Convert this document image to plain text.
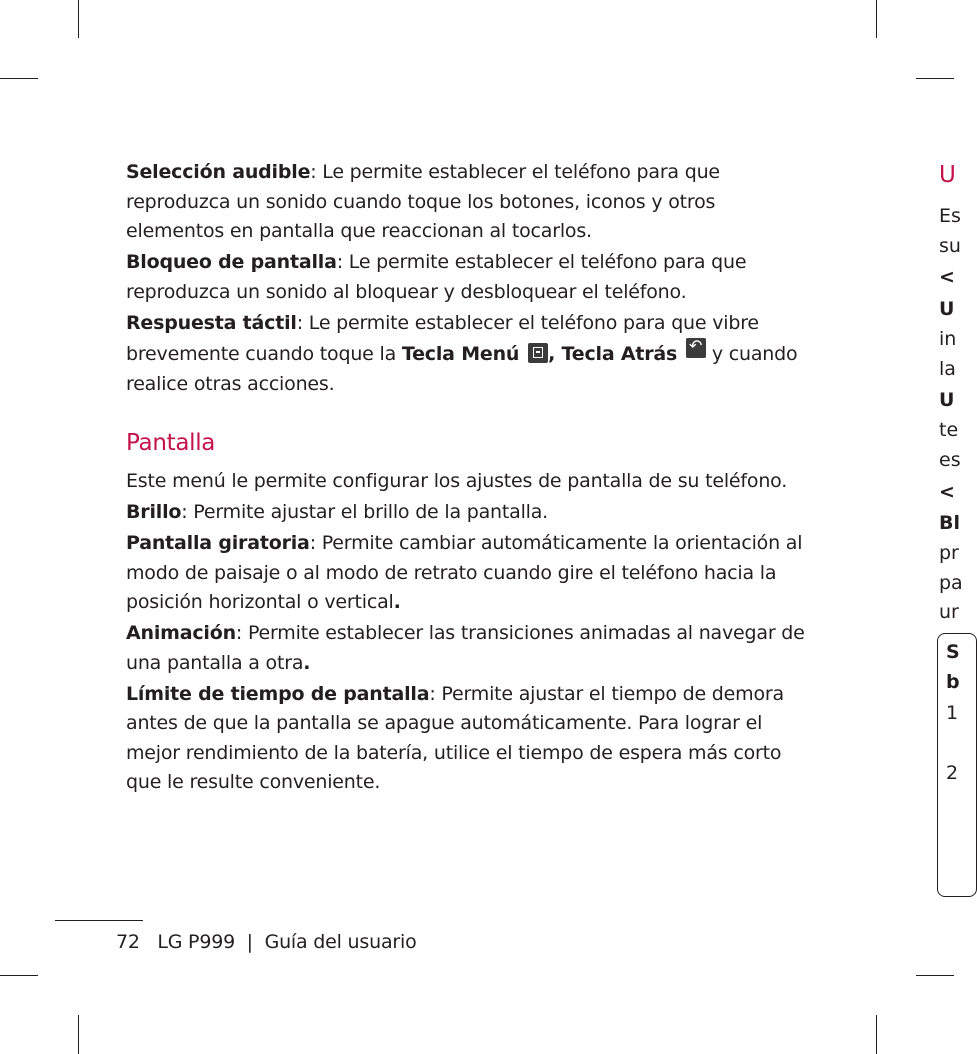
Selección audible: Le permite establecer el teléfono para que reproduzca un sonido cuando toque los botones, iconos y otros elementos en pantalla que reaccionan al tocarlos.

Bloqueo de pantalla: Le permite establecer el teléfono para que reproduzca un sonido al bloquear y desbloquear el teléfono.

Respuesta táctil: Le permite establecer el teléfono para que vibre brevemente cuando toque la Tecla Menú , Tecla Atrás ↶ y cuando realice otras acciones.

Pantalla

Este menú le permite configurar los ajustes de pantalla de su teléfono.

Brillo: Permite ajustar el brillo de la pantalla.

Pantalla giratoria: Permite cambiar automáticamente la orientación al modo de paisaje o al modo de retrato cuando gire el teléfono hacia la posición horizontal o vertical.

Animación: Permite establecer las transiciones animadas al navegar de una pantalla a otra.

Límite de tiempo de pantalla: Permite ajustar el tiempo de demora antes de que la pantalla se apague automáticamente. Para lograr el mejor rendimiento de la batería, utilice el tiempo de espera más corto que le resulte conveniente.

72 LG P999 | Guía del usuario
U
Es
su
<
U
in
la
U
te
es
<
Bl
pr
pa
ur
S
b
1
2
